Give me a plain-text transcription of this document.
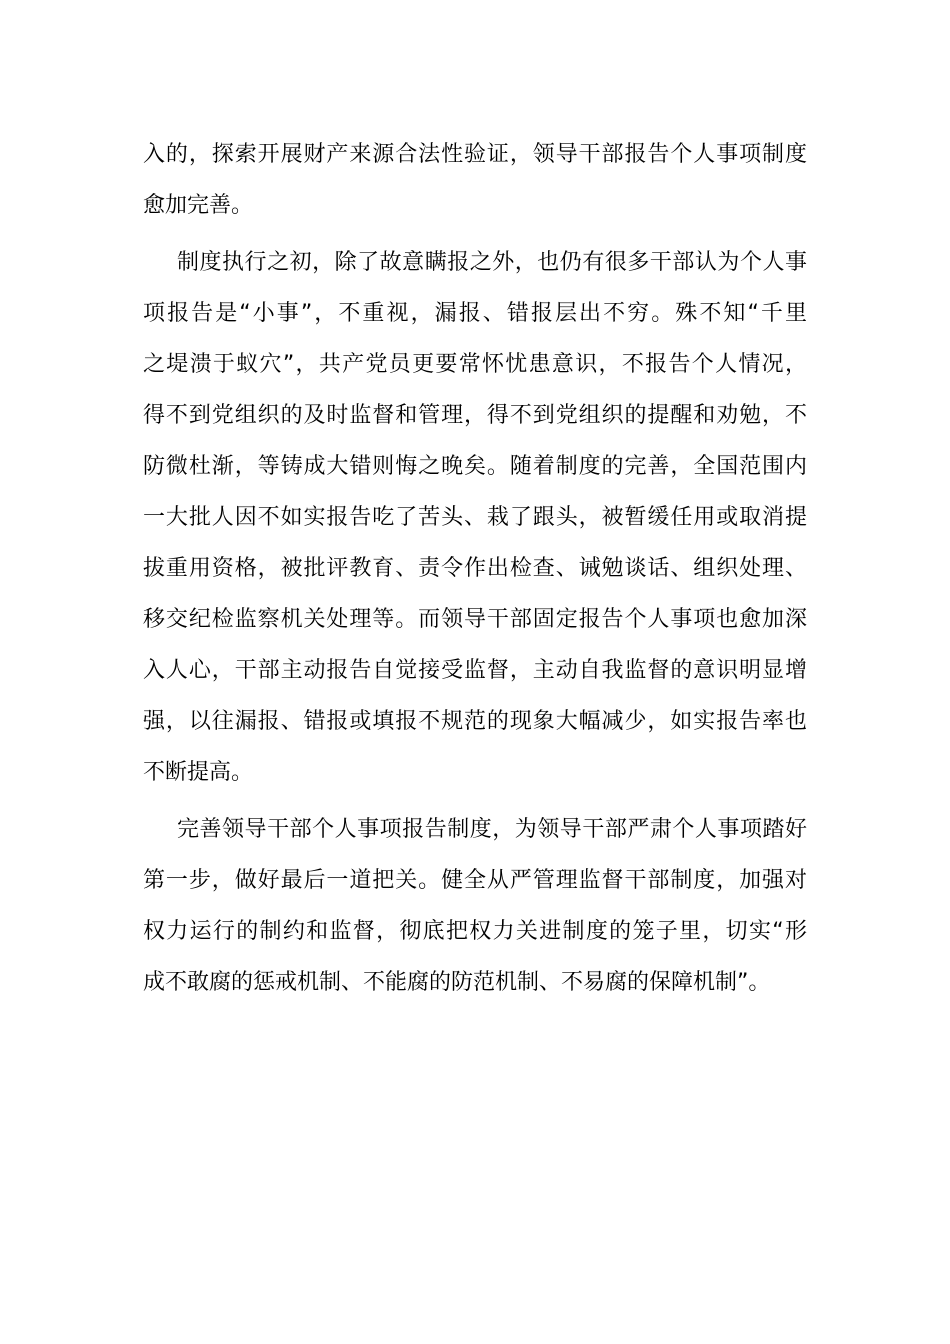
入的，探索开展财产来源合法性验证，领导干部报告个人事项制度
愈加完善。
制度执行之初，除了故意瞒报之外，也仍有很多干部认为个人事
项报告是“小事”，不重视，漏报、错报层出不穷。殊不知“千里
之堤溃于蚁穴”，共产党员更要常怀忧患意识，不报告个人情况，
得不到党组织的及时监督和管理，得不到党组织的提醒和劝勉，不
防微杜渐，等铸成大错则悔之晚矣。随着制度的完善，全国范围内
一大批人因不如实报告吃了苦头、栽了跟头，被暂缓任用或取消提
拔重用资格，被批评教育、责令作出检查、诫勉谈话、组织处理、
移交纪检监察机关处理等。而领导干部固定报告个人事项也愈加深
入人心，干部主动报告自觉接受监督，主动自我监督的意识明显增
强，以往漏报、错报或填报不规范的现象大幅减少，如实报告率也
不断提高。
完善领导干部个人事项报告制度，为领导干部严肃个人事项踏好
第一步，做好最后一道把关。健全从严管理监督干部制度，加强对
权力运行的制约和监督，彻底把权力关进制度的笼子里，切实“形
成不敢腐的惩戒机制、不能腐的防范机制、不易腐的保障机制”。
